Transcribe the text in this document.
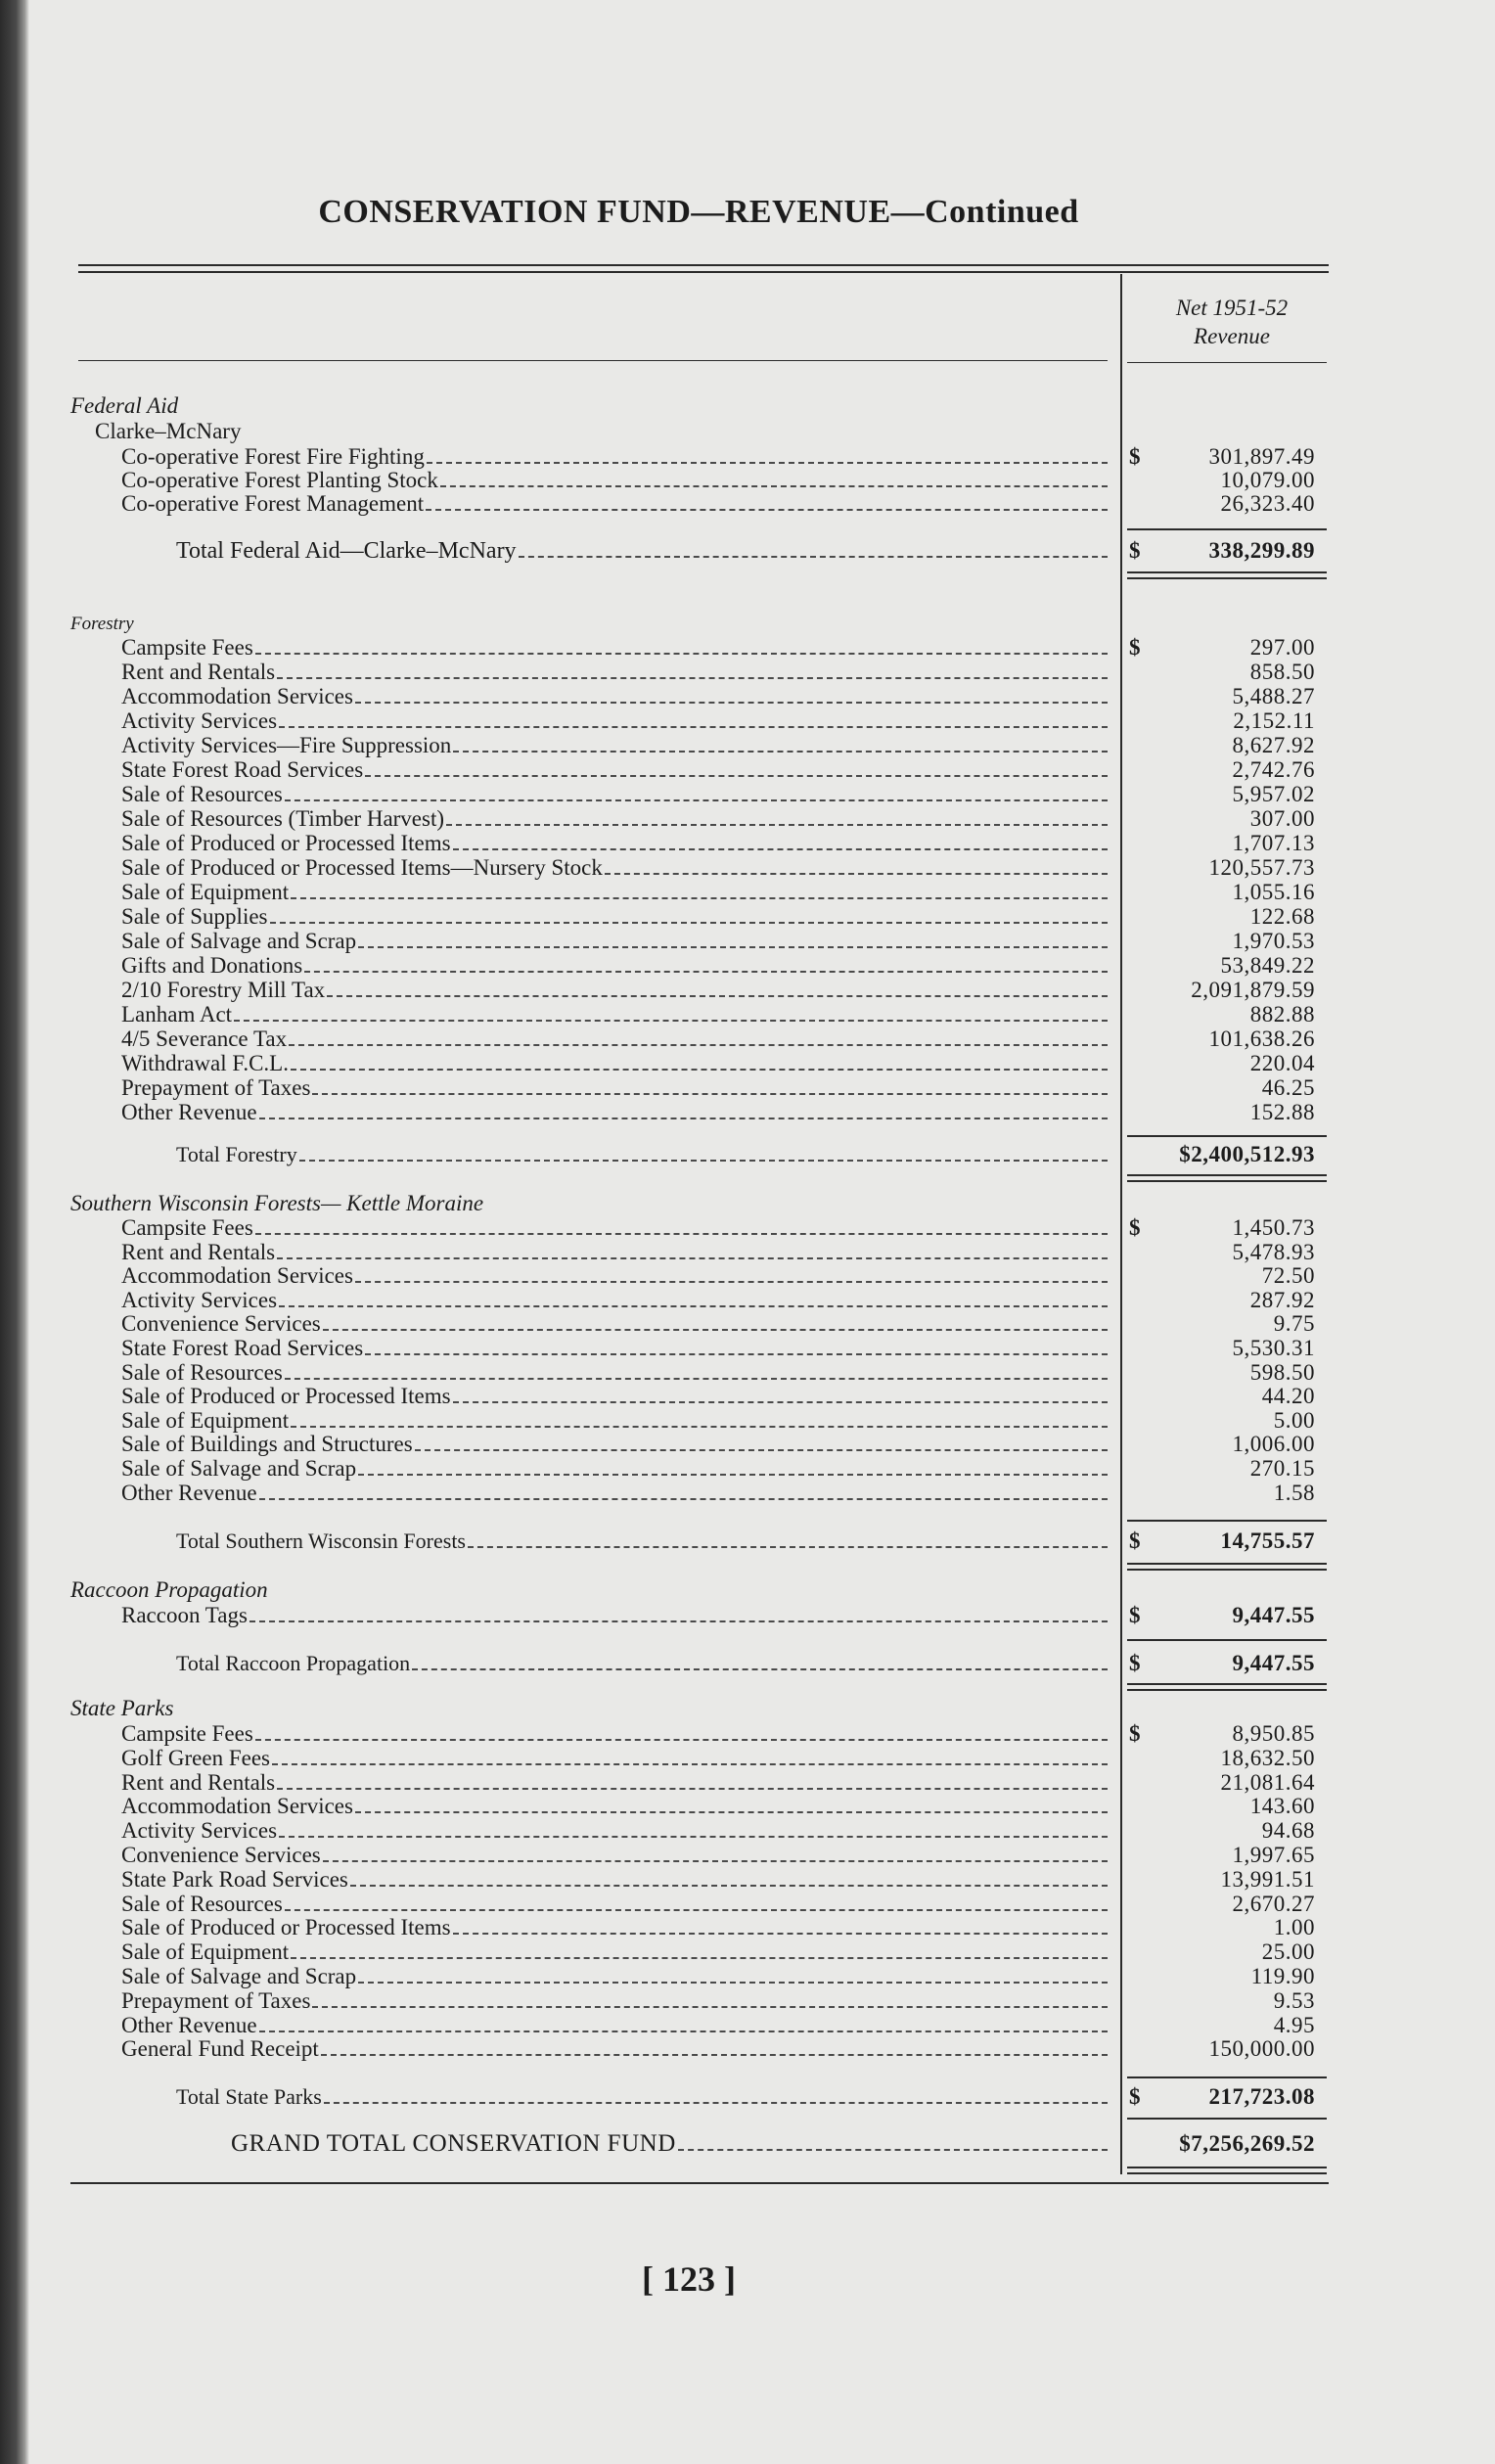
CONSERVATION FUND—REVENUE—Continued
Net 1951-52
Revenue
Federal Aid
Clarke–McNary
Co-operative Forest Fire Fighting	$	301,897.49
Co-operative Forest Planting Stock	10,079.00
Co-operative Forest Management	26,323.40
Total Federal Aid—Clarke–McNary	$	338,299.89
Forestry
Campsite Fees	$	297.00
Rent and Rentals	858.50
Accommodation Services	5,488.27
Activity Services	2,152.11
Activity Services—Fire Suppression	8,627.92
State Forest Road Services	2,742.76
Sale of Resources	5,957.02
Sale of Resources (Timber Harvest)	307.00
Sale of Produced or Processed Items	1,707.13
Sale of Produced or Processed Items—Nursery Stock	120,557.73
Sale of Equipment	1,055.16
Sale of Supplies	122.68
Sale of Salvage and Scrap	1,970.53
Gifts and Donations	53,849.22
2/10 Forestry Mill Tax	2,091,879.59
Lanham Act	882.88
4/5 Severance Tax	101,638.26
Withdrawal F.C.L.	220.04
Prepayment of Taxes	46.25
Other Revenue	152.88
Total Forestry	$2,400,512.93
Southern Wisconsin Forests— Kettle Moraine
Campsite Fees	$	1,450.73
Rent and Rentals	5,478.93
Accommodation Services	72.50
Activity Services	287.92
Convenience Services	9.75
State Forest Road Services	5,530.31
Sale of Resources	598.50
Sale of Produced or Processed Items	44.20
Sale of Equipment	5.00
Sale of Buildings and Structures	1,006.00
Sale of Salvage and Scrap	270.15
Other Revenue	1.58
Total Southern Wisconsin Forests	$	14,755.57
Raccoon Propagation
Raccoon Tags	$	9,447.55
Total Raccoon Propagation	$	9,447.55
State Parks
Campsite Fees	$	8,950.85
Golf Green Fees	18,632.50
Rent and Rentals	21,081.64
Accommodation Services	143.60
Activity Services	94.68
Convenience Services	1,997.65
State Park Road Services	13,991.51
Sale of Resources	2,670.27
Sale of Produced or Processed Items	1.00
Sale of Equipment	25.00
Sale of Salvage and Scrap	119.90
Prepayment of Taxes	9.53
Other Revenue	4.95
General Fund Receipt	150,000.00
Total State Parks	$	217,723.08
GRAND TOTAL CONSERVATION FUND	$7,256,269.52
[ 123 ]
